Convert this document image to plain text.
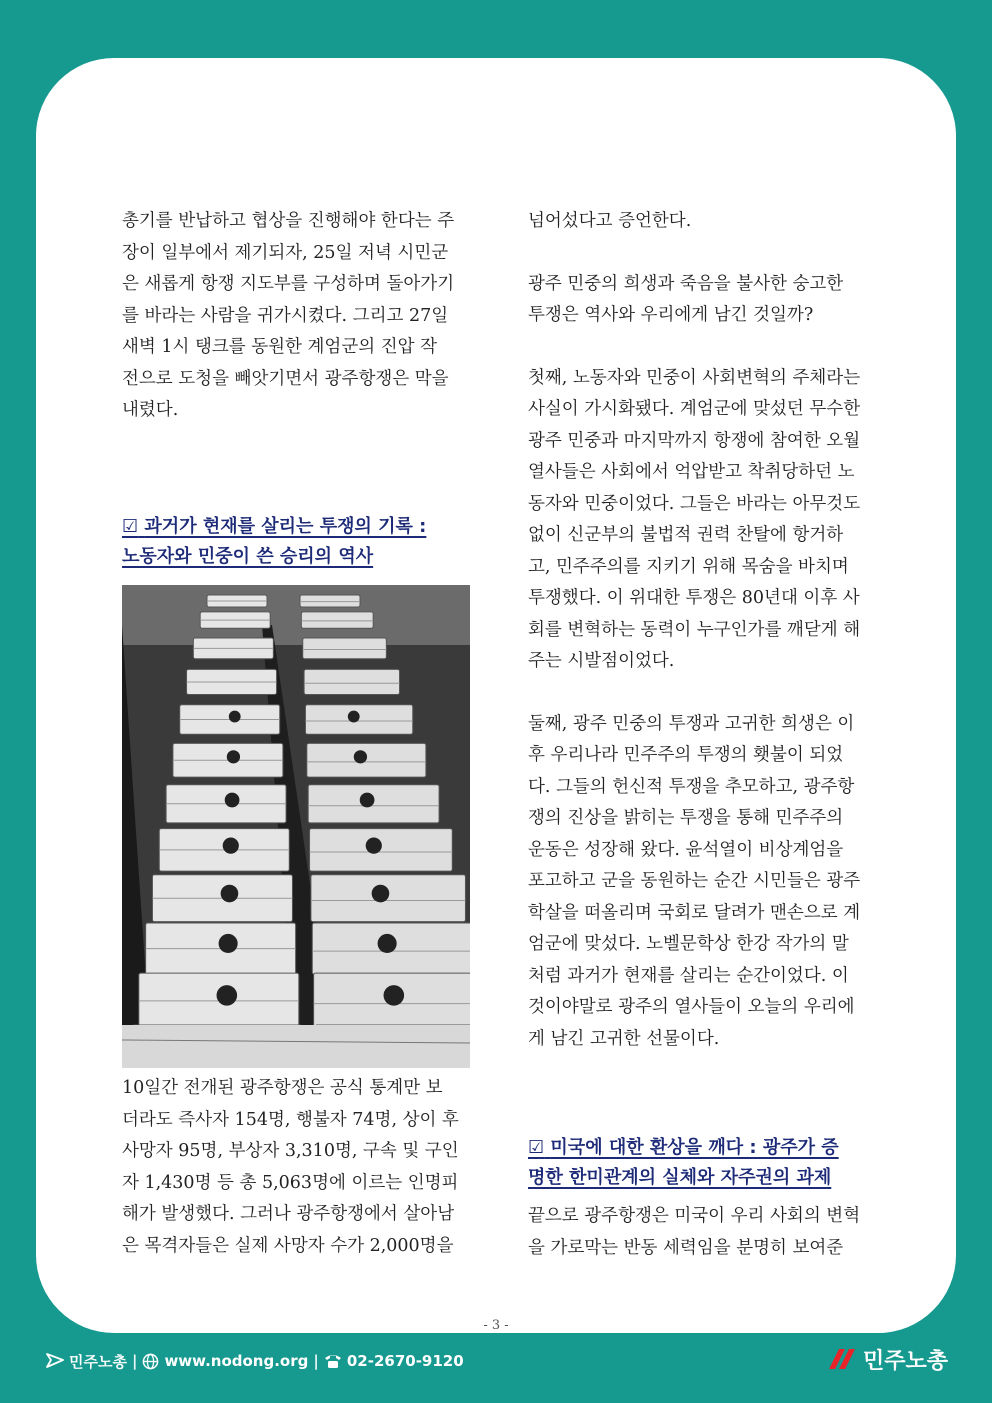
총기를 반납하고 협상을 진행해야 한다는 주
장이 일부에서 제기되자, 25일 저녁 시민군
은 새롭게 항쟁 지도부를 구성하며 돌아가기
를 바라는 사람을 귀가시켰다. 그리고 27일
새벽 1시 탱크를 동원한 계엄군의 진압 작
전으로 도청을 빼앗기면서 광주항쟁은 막을
내렸다.

☑ 과거가 현재를 살리는 투쟁의 기록 :
노동자와 민중이 쓴 승리의 역사

10일간 전개된 광주항쟁은 공식 통계만 보
더라도 즉사자 154명, 행불자 74명, 상이 후
사망자 95명, 부상자 3,310명, 구속 및 구인
자 1,430명 등 총 5,063명에 이르는 인명피
해가 발생했다. 그러나 광주항쟁에서 살아남
은 목격자들은 실제 사망자 수가 2,000명을

넘어섰다고 증언한다.

광주 민중의 희생과 죽음을 불사한 숭고한
투쟁은 역사와 우리에게 남긴 것일까?

첫째, 노동자와 민중이 사회변혁의 주체라는
사실이 가시화됐다. 계엄군에 맞섰던 무수한
광주 민중과 마지막까지 항쟁에 참여한 오월
열사들은 사회에서 억압받고 착취당하던 노
동자와 민중이었다. 그들은 바라는 아무것도
없이 신군부의 불법적 권력 찬탈에 항거하
고, 민주주의를 지키기 위해 목숨을 바치며
투쟁했다. 이 위대한 투쟁은 80년대 이후 사
회를 변혁하는 동력이 누구인가를 깨닫게 해
주는 시발점이었다.

둘째, 광주 민중의 투쟁과 고귀한 희생은 이
후 우리나라 민주주의 투쟁의 횃불이 되었
다. 그들의 헌신적 투쟁을 추모하고, 광주항
쟁의 진상을 밝히는 투쟁을 통해 민주주의
운동은 성장해 왔다. 윤석열이 비상계엄을
포고하고 군을 동원하는 순간 시민들은 광주
학살을 떠올리며 국회로 달려가 맨손으로 계
엄군에 맞섰다. 노벨문학상 한강 작가의 말
처럼 과거가 현재를 살리는 순간이었다. 이
것이야말로 광주의 열사들이 오늘의 우리에
게 남긴 고귀한 선물이다.

☑ 미국에 대한 환상을 깨다 : 광주가 증
명한 한미관계의 실체와 자주권의 과제

끝으로 광주항쟁은 미국이 우리 사회의 변혁
을 가로막는 반동 세력임을 분명히 보여준

- 3 -
민주노총 | www.nodong.org | 02-2670-9120	민주노총
